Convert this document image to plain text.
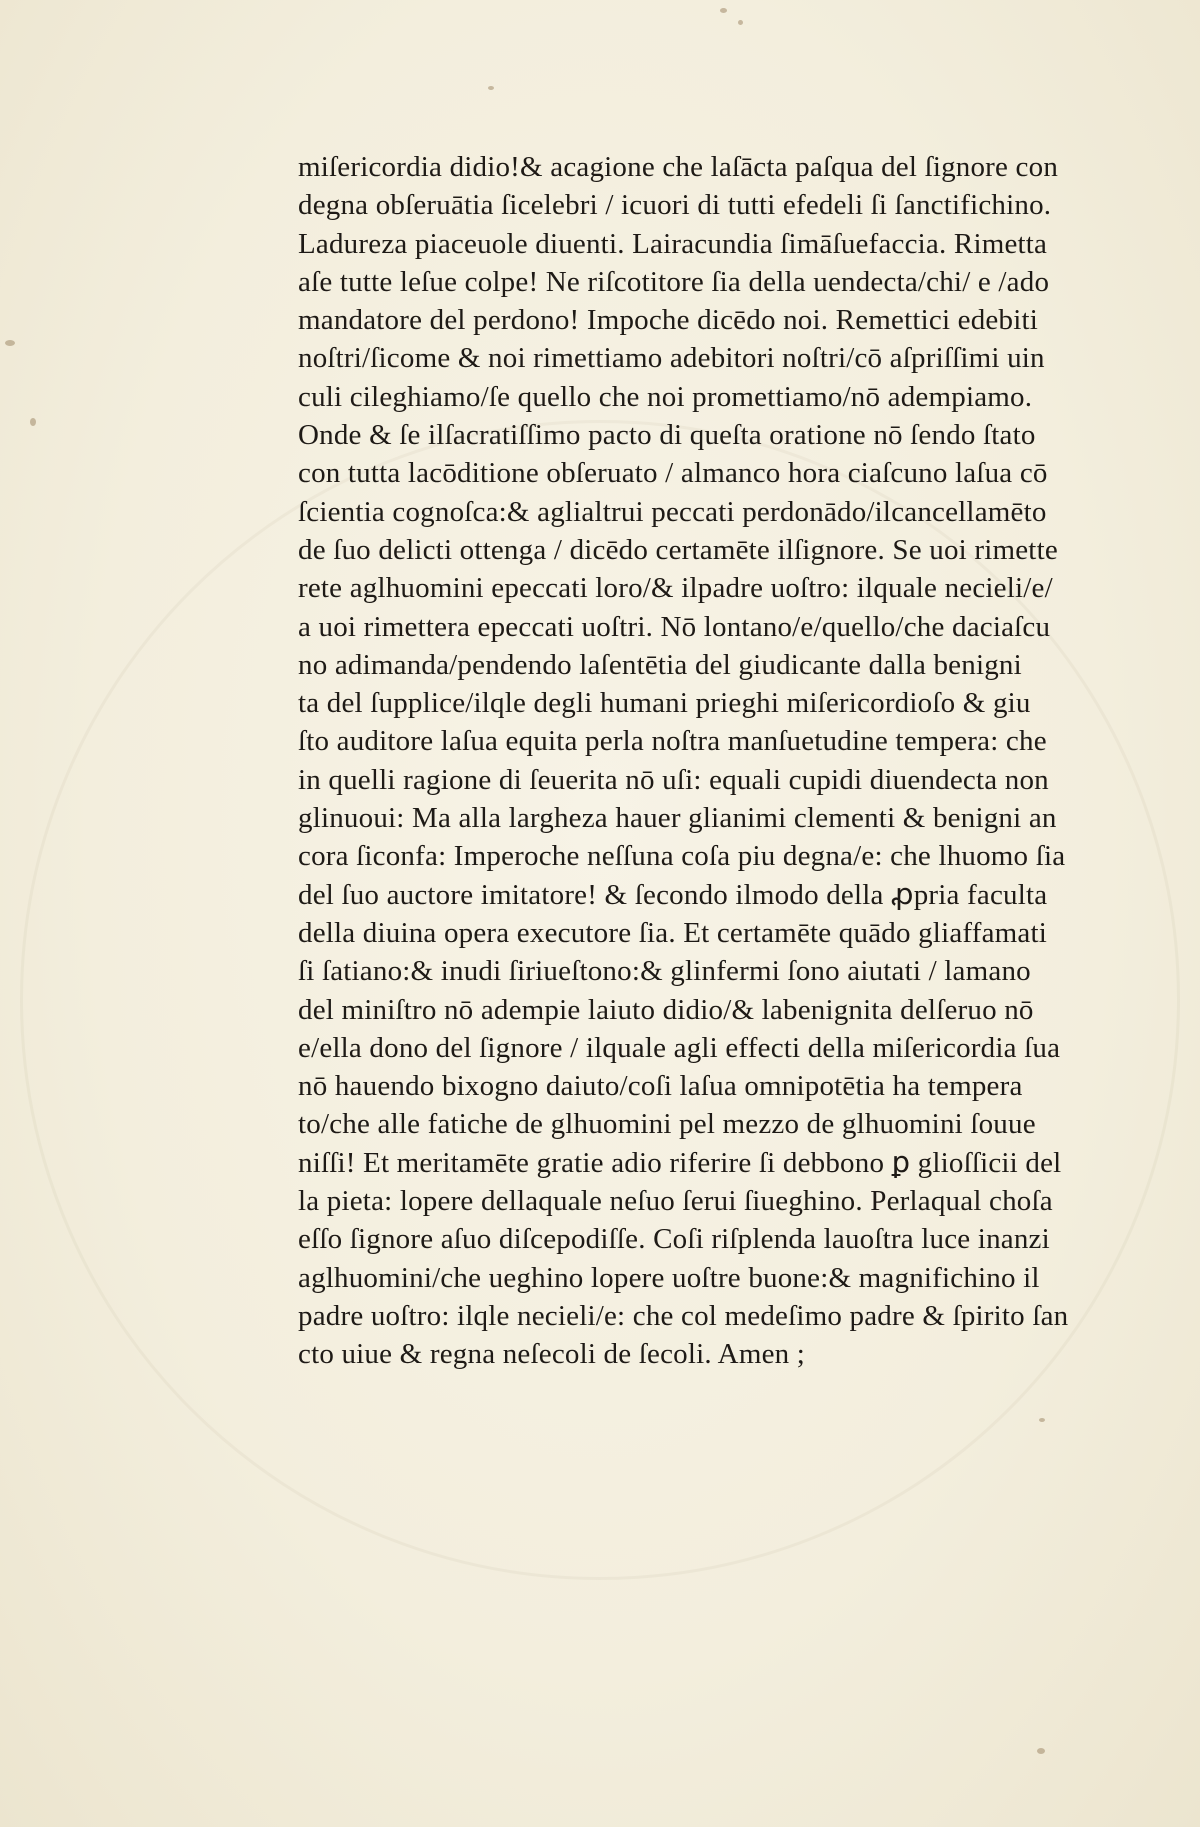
miſericordia didio!& acagione che laſācta paſqua del ſignore con
degna obſeruātia ſicelebri / icuori di tutti efedeli ſi ſanctifichino.
Ladureza piaceuole diuenti. Lairacundia ſimāſuefaccia. Rimetta
aſe tutte leſue colpe! Ne riſcotitore ſia della uendecta/chi/ e /ado
mandatore del perdono! Impoche dicēdo noi. Remettici edebiti
noſtri/ſicome & noi rimettiamo adebitori noſtri/cō aſpriſſimi uin
culi cileghiamo/ſe quello che noi promettiamo/nō adempiamo.
Onde & ſe ilſacratiſſimo pacto di queſta oratione nō ſendo ſtato
con tutta lacōditione obſeruato / almanco hora ciaſcuno laſua cō
ſcientia cognoſca:& aglialtrui peccati perdonādo/ilcancellamēto
de ſuo delicti ottenga / dicēdo certamēte ilſignore. Se uoi rimette
rete aglhuomini epeccati loro/& ilpadre uoſtro: ilquale necieli/e/
a uoi rimettera epeccati uoſtri. Nō lontano/e/quello/che daciaſcu
no adimanda/pendendo laſentētia del giudicante dalla benigni
ta del ſupplice/ilqle degli humani prieghi miſericordioſo & giu
ſto auditore laſua equita perla noſtra manſuetudine tempera: che
in quelli ragione di ſeuerita nō uſi: equali cupidi diuendecta non
glinuoui: Ma alla largheza hauer glianimi clementi & benigni an
cora ſiconfa: Imperoche neſſuna coſa piu degna/e: che lhuomo ſia
del ſuo auctore imitatore! & ſecondo ilmodo della ꝓpria facultа
della diuina opera executore ſia. Et certamēte quādo gliaffamati
ſi ſatiano:& inudi ſiriueſtono:& glinfermi ſono aiutati / lamano
del miniſtro nō adempie laiuto didio/& labenignita delſeruo nō
e/ella dono del ſignore / ilquale agli effecti della miſericordia ſua
nō hauendo bixogno daiuto/coſi laſua omnipotētia ha tempera
to/che alle fatiche de glhuomini pel mezzo de glhuomini ſouue
niſſi! Et meritamēte gratie adio riferire ſi debbono ꝑ glioſſicii del
la pieta: lopere dellaquale neſuo ſerui ſiueghino. Perlaqual choſa
eſſo ſignore aſuo diſcepodiſſe. Coſi riſplenda lauoſtra luce inanzi
aglhuomini/che ueghino lopere uoſtre buone:& magnifichino il
padre uoſtro: ilqle necieli/e: che col medeſimo padre & ſpirito ſan
cto uiue & regna neſecoli de ſecoli. Amen ;
